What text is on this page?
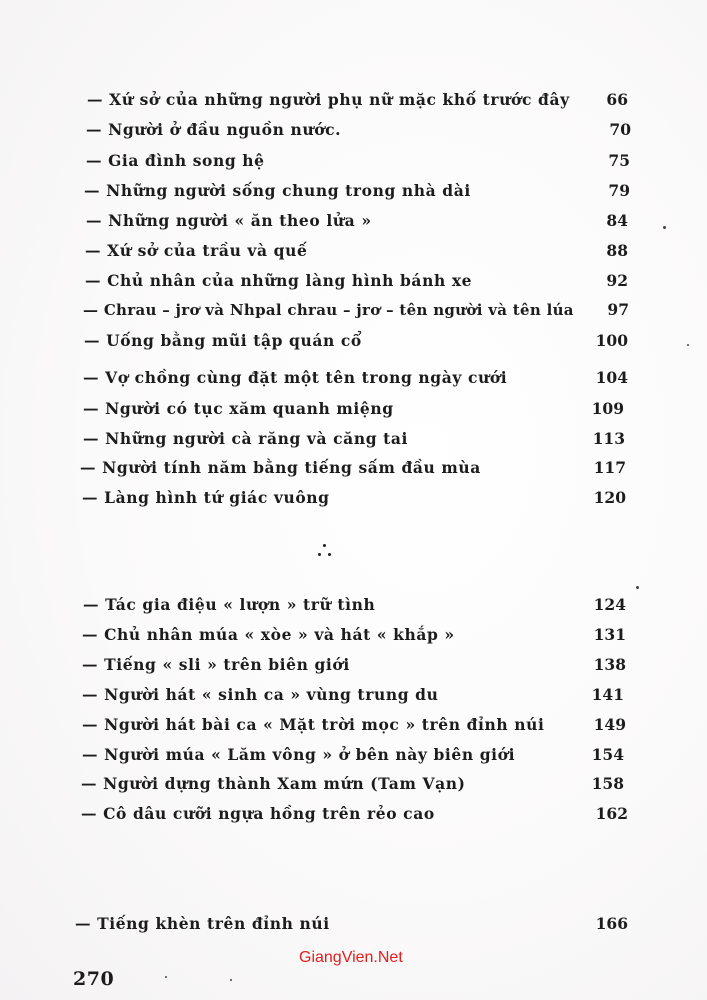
— Xứ sở của những người phụ nữ mặc khố trước đây	66
— Người ở đầu nguồn nước.	70
— Gia đình song hệ	75
— Những người sống chung trong nhà dài	79
— Những người « ăn theo lửa »	84
— Xứ sở của trầu và quế	88
— Chủ nhân của những làng hình bánh xe	92
— Chrau – jrơ và Nhpal chrau – jrơ – tên người và tên lúa	97
— Uống bằng mũi tập quán cổ	100
— Vợ chồng cùng đặt một tên trong ngày cưới	104
— Người có tục xăm quanh miệng	109
— Những người cà răng và căng tai	113
— Người tính năm bằng tiếng sấm đầu mùa	117
— Làng hình tứ giác vuông	120
— Tác gia điệu « lượn » trữ tình	124
— Chủ nhân múa « xòe » và hát « khắp »	131
— Tiếng « sli » trên biên giới	138
— Người hát « sinh ca » vùng trung du	141
— Người hát bài ca « Mặt trời mọc » trên đỉnh núi	149
— Người múa « Lăm vông » ở bên này biên giới	154
— Người dựng thành Xam mứn (Tam Vạn)	158
— Cô dâu cưỡi ngựa hồng trên rẻo cao	162
— Tiếng khèn trên đỉnh núi	166
GiangVien.Net
270
